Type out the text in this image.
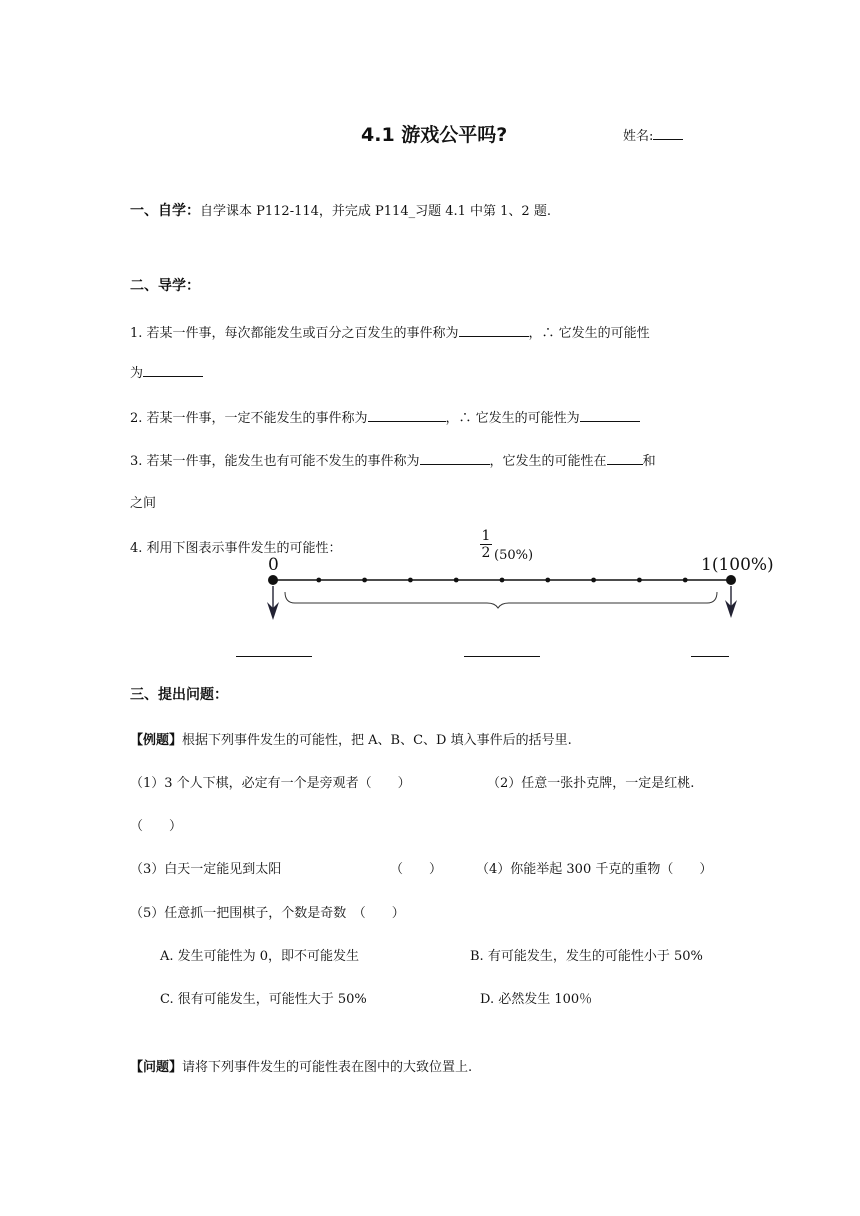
4.1 游戏公平吗?	姓名:
一、自学：自学课本 P112-114，并完成 P114_习题 4.1 中第 1、2 题.
二、导学：
1. 若某一件事，每次都能发生或百分之百发生的事件称为	，∴ 它发生的可能性
为
2. 若某一件事，一定不能发生的事件称为	，∴ 它发生的可能性为
3. 若某一件事，能发生也有可能不发生的事件称为	，它发生的可能性在	和
之间
4. 利用下图表示事件发生的可能性：
0
$\frac{1}{2} (50\%)$	1(100%)
三、提出问题：
【例题】根据下列事件发生的可能性，把 A、B、C、D 填入事件后的括号里.
（1）3 个人下棋，必定有一个是旁观者（　　）	（2）任意一张扑克牌，一定是红桃.
（　　）
（3）白天一定能见到太阳	（　　）	（4）你能举起 300 千克的重物（　　）
（5）任意抓一把围棋子，个数是奇数　（　　）
A. 发生可能性为 0，即不可能发生	B. 有可能发生，发生的可能性小于 50%
C. 很有可能发生，可能性大于 50%	D. 必然发生 100％
【问题】请将下列事件发生的可能性表在图中的大致位置上.
